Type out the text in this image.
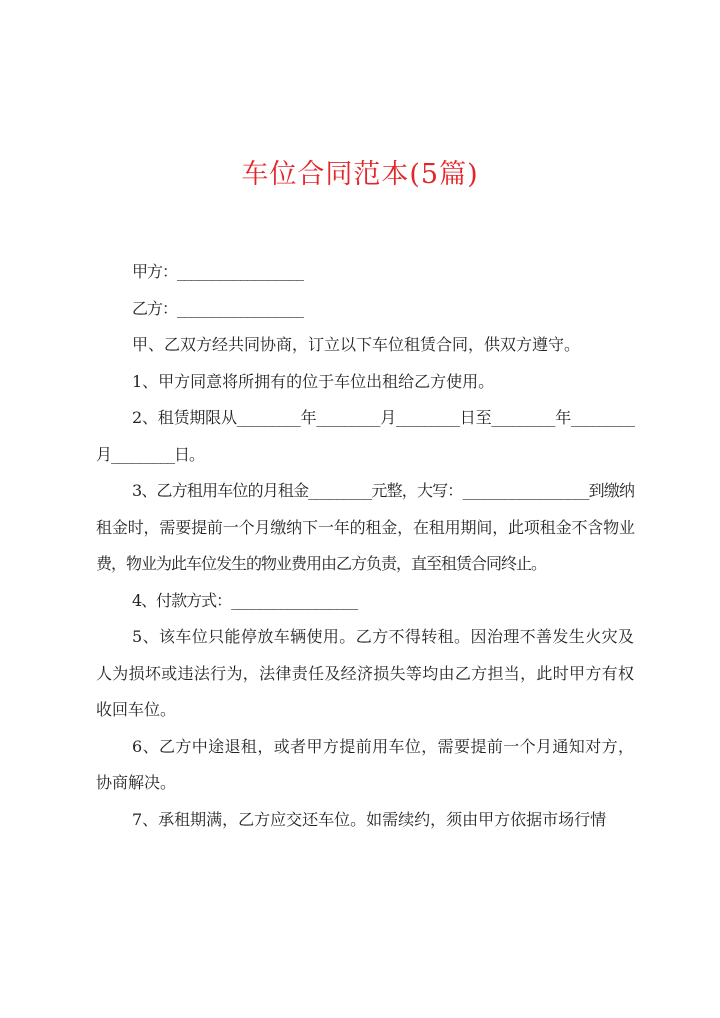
车位合同范本(5篇)

甲方：__________________

乙方：__________________

甲、乙双方经共同协商，订立以下车位租赁合同，供双方遵守。

1、甲方同意将所拥有的位于车位出租给乙方使用。

2、租赁期限从_________年_________月_________日至_________年_________月_________日。

3、乙方租用车位的月租金_________元整，大写：__________________到缴纳租金时，需要提前一个月缴纳下一年的租金，在租用期间，此项租金不含物业费，物业为此车位发生的物业费用由乙方负责，直至租赁合同终止。

4、付款方式：__________________

5、该车位只能停放车辆使用。乙方不得转租。因治理不善发生火灾及人为损坏或违法行为，法律责任及经济损失等均由乙方担当，此时甲方有权收回车位。

6、乙方中途退租，或者甲方提前用车位，需要提前一个月通知对方，协商解决。

7、承租期满，乙方应交还车位。如需续约，须由甲方依据市场行情
